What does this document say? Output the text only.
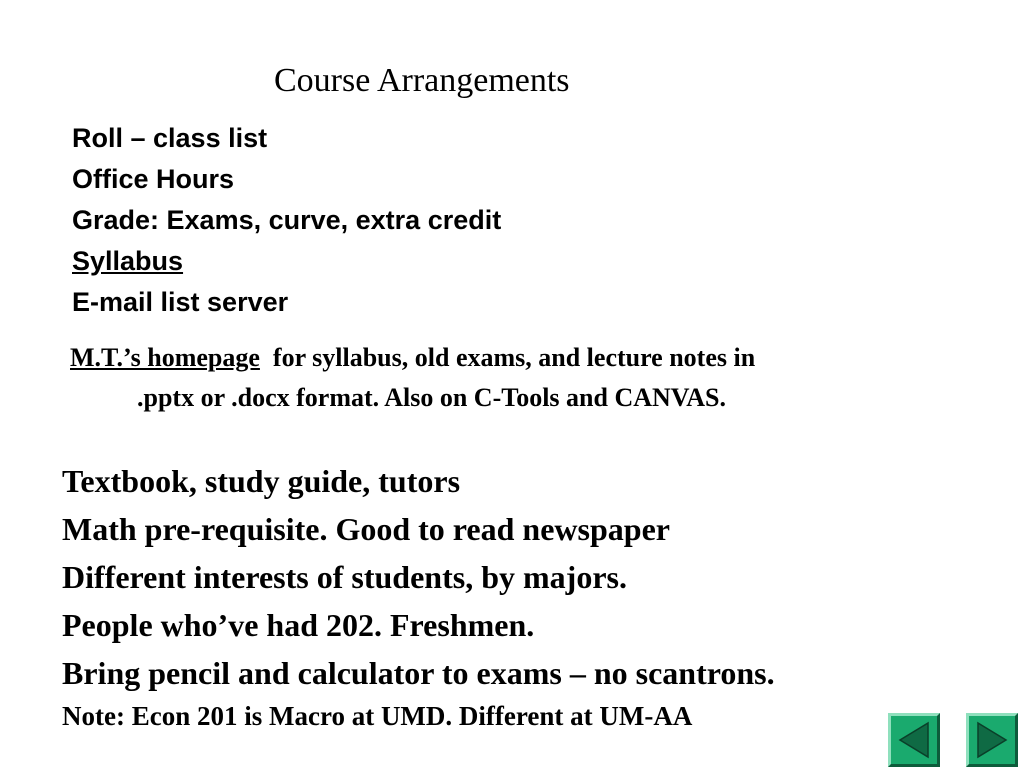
Course Arrangements
Roll – class list
Office Hours
Grade: Exams, curve, extra credit
Syllabus
E-mail list server
M.T.’s homepage for syllabus, old exams, and lecture notes in
.pptx or .docx format. Also on C-Tools and CANVAS.
Textbook, study guide, tutors
Math pre-requisite. Good to read newspaper
Different interests of students, by majors.
People who’ve had 202. Freshmen.
Bring pencil and calculator to exams – no scantrons.
Note: Econ 201 is Macro at UMD. Different at UM-AA
